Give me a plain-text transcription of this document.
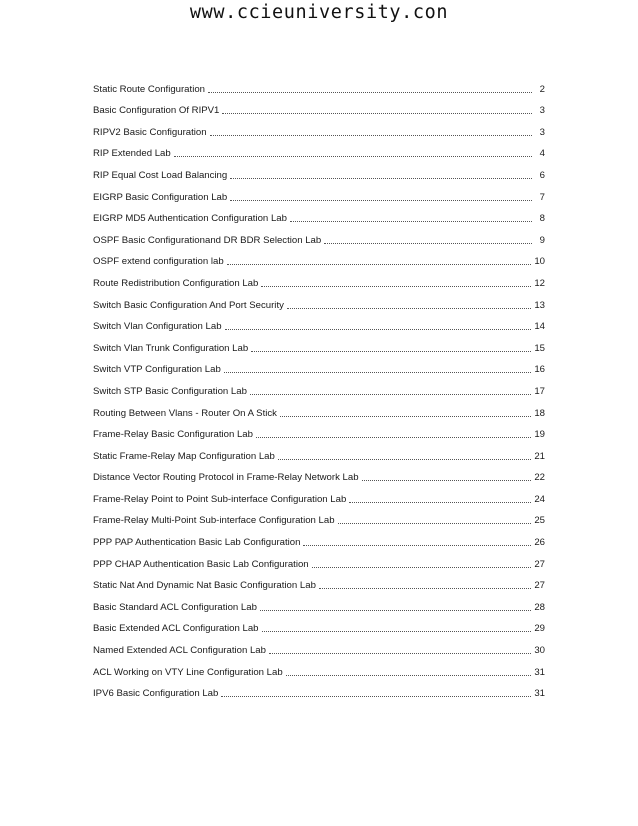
www.ccieuniversity.con
Static Route Configuration	2
Basic Configuration Of RIPV1	3
RIPV2 Basic Configuration	3
RIP Extended Lab	4
RIP Equal Cost Load Balancing	6
EIGRP Basic Configuration Lab	7
EIGRP MD5 Authentication Configuration Lab	8
OSPF Basic Configurationand DR BDR Selection Lab	9
OSPF extend configuration lab	10
Route Redistribution Configuration Lab	12
Switch Basic Configuration And Port Security	13
Switch Vlan Configuration Lab	14
Switch Vlan Trunk Configuration Lab	15
Switch VTP Configuration Lab	16
Switch STP Basic Configuration Lab	17
Routing Between Vlans - Router On A Stick	18
Frame-Relay Basic Configuration Lab	19
Static Frame-Relay Map Configuration Lab	21
Distance Vector Routing Protocol in Frame-Relay Network Lab	22
Frame-Relay Point to Point Sub-interface Configuration Lab	24
Frame-Relay Multi-Point Sub-interface Configuration Lab	25
PPP PAP Authentication Basic Lab Configuration	26
PPP CHAP Authentication Basic Lab Configuration	27
Static Nat And Dynamic Nat Basic Configuration Lab	27
Basic Standard ACL Configuration Lab	28
Basic Extended ACL Configuration Lab	29
Named Extended ACL Configuration Lab	30
ACL Working on VTY Line Configuration Lab	31
IPV6 Basic Configuration Lab	31
